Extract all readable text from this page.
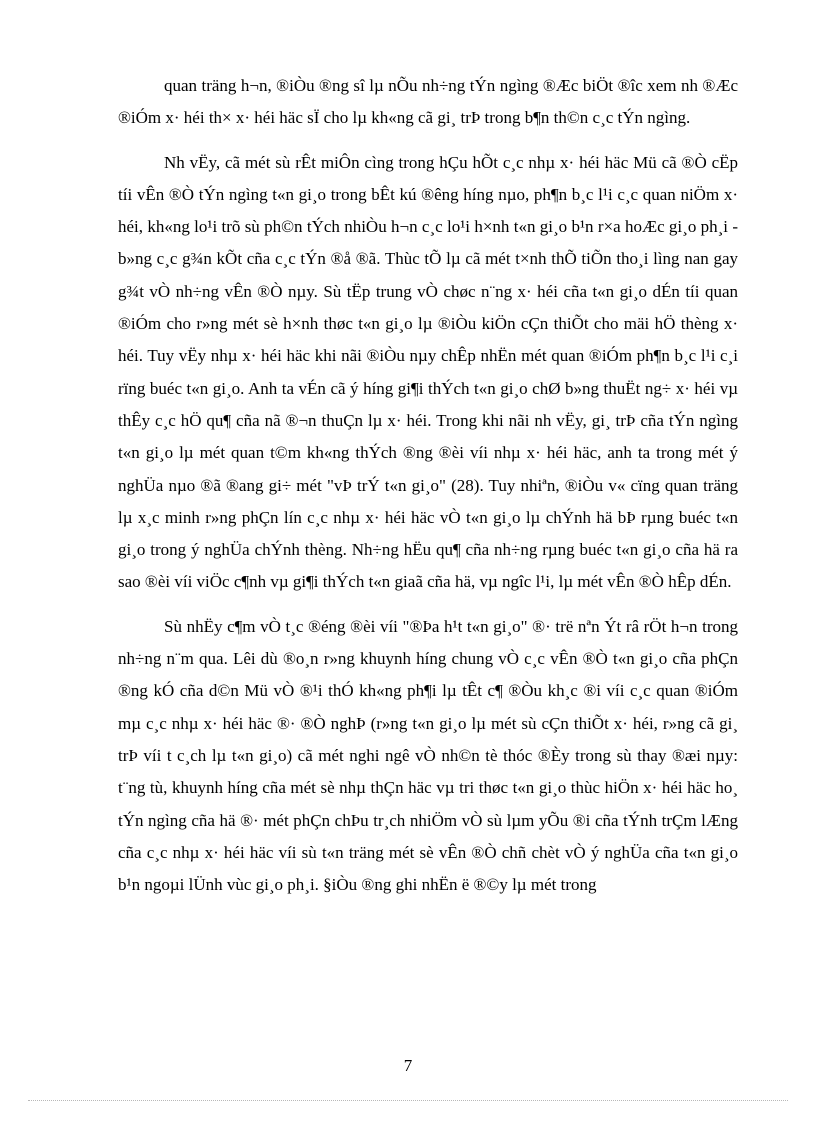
quan träng h¬n, ®iÒu ®ng sî lµ nÕu nh÷ng tÝn ngìng ®Æc biÖt ®îc xem nh ®Æc ®iÓm x· héi th× x· héi häc sÏ cho lµ kh«ng cã gi¸ trÞ trong b¶n th©n c¸c tÝn ngìng.

Nh vËy, cã mét sù rÊt miÔn cìng trong hÇu hÕt c¸c nhµ x· héi häc Mü cã ®Ò cËp tíi vÊn ®Ò tÝn ngìng t«n gi¸o trong bÊt kú ®êng híng nµo, ph¶n b¸c l¹i c¸c quan niÖm x· héi, kh«ng lo¹i trõ sù ph©n tÝch nhiÒu h¬n c¸c lo¹i h×nh t«n gi¸o b¹n r×a hoÆc gi¸o ph¸i - b»ng c¸c g¾n kÕt cña c¸c tÝn ®å ®ã. Thùc tÕ lµ cã mét t×nh thÕ tiÕn tho¸i lìng nan gay g¾t vÒ nh÷ng vÊn ®Ò nµy. Sù tËp trung vÒ chøc n¨ng x· héi cña t«n gi¸o dÉn tíi quan ®iÓm cho r»ng mét sè h×nh thøc t«n gi¸o lµ ®iÒu kiÖn cÇn thiÕt cho mäi hÖ thèng x· héi. Tuy vËy nhµ x· héi häc khi nãi ®iÒu nµy chÊp nhËn mét quan ®iÓm ph¶n b¸c l¹i c¸i rïng buéc t«n gi¸o. Anh ta vÉn cã ý híng gi¶i thÝch t«n gi¸o chØ b»ng thuËt ng÷ x· héi vµ thÊy c¸c hÖ qu¶ cña nã ®¬n thuÇn lµ x· héi. Trong khi nãi nh vËy, gi¸ trÞ cña tÝn ngìng t«n gi¸o lµ mét quan t©m kh«ng thÝch ®ng ®èi víi nhµ x· héi häc, anh ta trong mét ý nghÜa nµo ®ã ®ang gi÷ mét "vÞ trÝ t«n gi¸o" (28). Tuy nhiªn, ®iÒu v« cïng quan träng lµ x¸c minh r»ng phÇn lín c¸c nhµ x· héi häc vÒ t«n gi¸o lµ chÝnh hä bÞ rµng buéc t«n gi¸o trong ý nghÜa chÝnh thèng. Nh÷ng hËu qu¶ cña nh÷ng rµng buéc t«n gi¸o cña hä ra sao ®èi víi viÖc c¶nh vµ gi¶i thÝch t«n giaã cña hä, vµ ngîc l¹i, lµ mét vÊn ®Ò hÊp dÉn.

Sù nhËy c¶m vÒ t¸c ®éng ®èi víi "®Þa h¹t t«n gi¸o" ®· trë nªn Ýt râ rÖt h¬n trong nh÷ng n¨m qua. Lêi dù ®o¸n r»ng khuynh híng chung vÒ c¸c vÊn ®Ò t«n gi¸o cña phÇn ®ng kÓ cña d©n Mü vÒ ®¹i thÓ kh«ng ph¶i lµ tÊt c¶ ®Òu kh¸c ®i víi c¸c quan ®iÓm mµ c¸c nhµ x· héi häc ®· ®Ò nghÞ (r»ng t«n gi¸o lµ mét sù cÇn thiÕt x· héi, r»ng cã gi¸ trÞ víi t c¸ch lµ t«n gi¸o) cã mét nghi ngê vÒ nh©n tè thóc ®Èy trong sù thay ®æi nµy: t¨ng tù, khuynh híng cña mét sè nhµ thÇn häc vµ tri thøc t«n gi¸o thùc hiÖn x· héi häc ho¸ tÝn ngìng cña hä ®· mét phÇn chÞu tr¸ch nhiÖm vÒ sù lµm yÕu ®i cña tÝnh trÇm lÆng cña c¸c nhµ x· héi häc víi sù t«n träng mét sè vÊn ®Ò chñ chèt vÒ ý nghÜa cña t«n gi¸o b¹n ngoµi lÜnh vùc gi¸o ph¸i. §iÒu ®ng ghi nhËn ë ®©y lµ mét trong

7
